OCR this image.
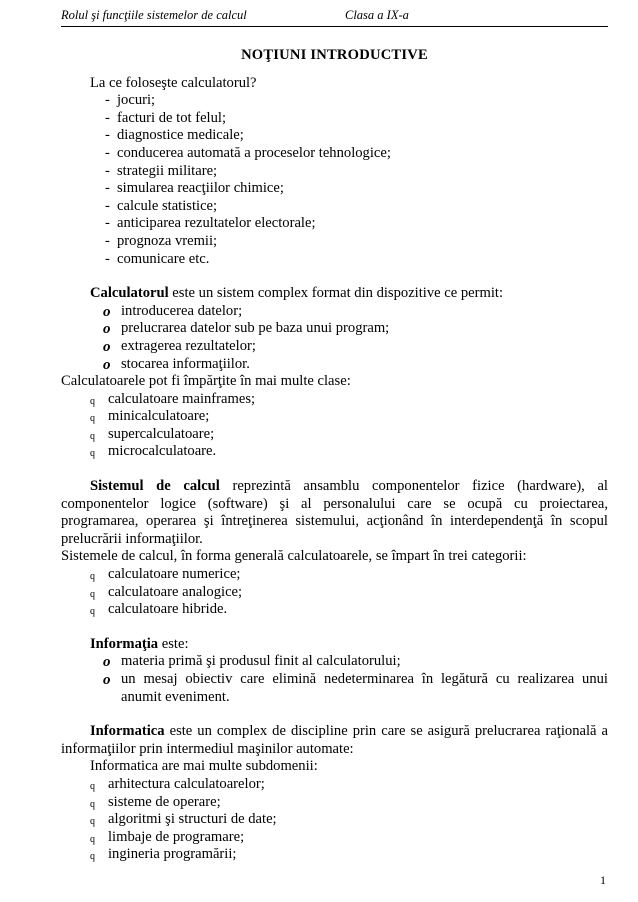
Rolul şi funcţiile sistemelor de calcul	Clasa a IX-a
NOŢIUNI INTRODUCTIVE

La ce foloseşte calculatorul?

- jocuri;
- facturi de tot felul;
- diagnostice medicale;
- conducerea automată a proceselor tehnologice;
- strategii militare;
- simularea reacţiilor chimice;
- calcule statistice;
- anticiparea rezultatelor electorale;
- prognoza vremii;
- comunicare etc.

Calculatorul este un sistem complex format din dispozitive ce permit:

o introducerea datelor;
o prelucrarea datelor sub pe baza unui program;
o extragerea rezultatelor;
o stocarea informaţiilor.

Calculatoarele pot fi împărţite în mai multe clase:

q calculatoare mainframes;
q minicalculatoare;
q supercalculatoare;
q microcalculatoare.

Sistemul de calcul reprezintă ansamblu componentelor fizice (hardware), al

componentelor logice (software) şi al personalului care se ocupă cu proiectarea,

programarea, operarea şi întreţinerea sistemului, acţionând în interdependenţă în scopul

prelucrării informaţiilor.

Sistemele de calcul, în forma generală calculatoarele, se împart în trei categorii:

q calculatoare numerice;
q calculatoare analogice;
q calculatoare hibride.

Informaţia este:

o materia primă şi produsul finit al calculatorului;
o un mesaj obiectiv care elimină nedeterminarea în legătură cu realizarea unui
anumit eveniment.

Informatica este un complex de discipline prin care se asigură prelucrarea raţională a

informaţiilor prin intermediul maşinilor automate:

Informatica are mai multe subdomenii:

q arhitectura calculatoarelor;
q sisteme de operare;
q algoritmi şi structuri de date;
q limbaje de programare;
q ingineria programării;
1
